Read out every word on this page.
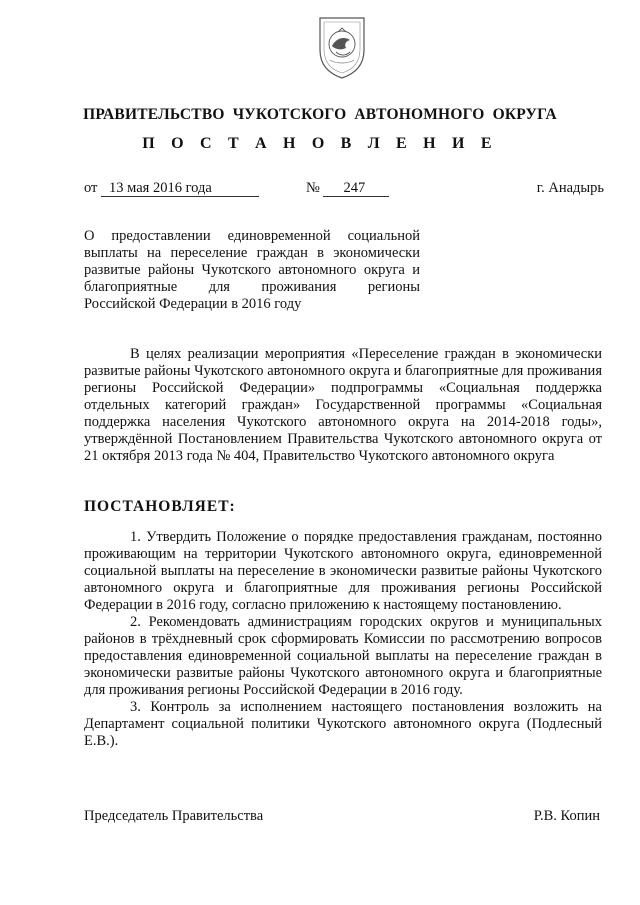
ПРАВИТЕЛЬСТВО ЧУКОТСКОГО АВТОНОМНОГО ОКРУГА
П О С Т А Н О В Л Е Н И Е
от 13 мая 2016 года	№ 247	г. Анадырь
О предоставлении единовременной социальной
выплаты на переселение граждан в экономически
развитые районы Чукотского автономного округа и
благоприятные для проживания регионы
Российской Федерации в 2016 году
В целях реализации мероприятия «Переселение граждан в экономически развитые районы Чукотского автономного округа и благоприятные для проживания регионы Российской Федерации» подпрограммы «Социальная поддержка отдельных категорий граждан» Государственной программы «Социальная поддержка населения Чукотского автономного округа на 2014-2018 годы», утверждённой Постановлением Правительства Чукотского автономного округа от 21 октября 2013 года № 404, Правительство Чукотского автономного округа
ПОСТАНОВЛЯЕТ:

1. Утвердить Положение о порядке предоставления гражданам, постоянно проживающим на территории Чукотского автономного округа, единовременной социальной выплаты на переселение в экономически развитые районы Чукотского автономного округа и благоприятные для проживания регионы Российской Федерации в 2016 году, согласно приложению к настоящему постановлению.

2. Рекомендовать администрациям городских округов и муниципальных районов в трёхдневный срок сформировать Комиссии по рассмотрению вопросов предоставления единовременной социальной выплаты на переселение граждан в экономически развитые районы Чукотского автономного округа и благоприятные для проживания регионы Российской Федерации в 2016 году.

3. Контроль за исполнением настоящего постановления возложить на Департамент социальной политики Чукотского автономного округа (Подлесный Е.В.).

Председатель Правительства	Р.В. Копин
